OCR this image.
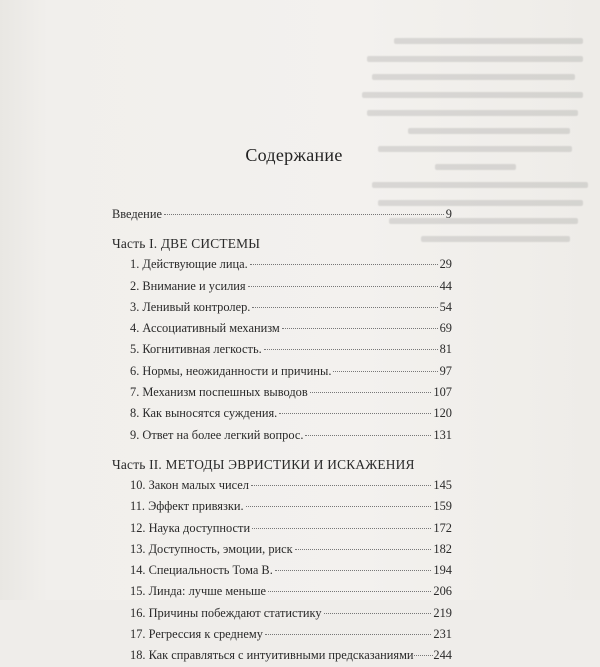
Содержание
Введение	9
Часть I. ДВЕ СИСТЕМЫ
1. Действующие лица.	29
2. Внимание и усилия	44
3. Ленивый контролер.	54
4. Ассоциативный механизм	69
5. Когнитивная легкость.	81
6. Нормы, неожиданности и причины.	97
7. Механизм поспешных выводов	107
8. Как выносятся суждения.	120
9. Ответ на более легкий вопрос.	131
Часть II. МЕТОДЫ ЭВРИСТИКИ И ИСКАЖЕНИЯ
10. Закон малых чисел	145
11. Эффект привязки.	159
12. Наука доступности	172
13. Доступность, эмоции, риск	182
14. Специальность Тома В.	194
15. Линда: лучше меньше	206
16. Причины побеждают статистику	219
17. Регрессия к среднему	231
18. Как справляться с интуитивными предсказаниями 244
